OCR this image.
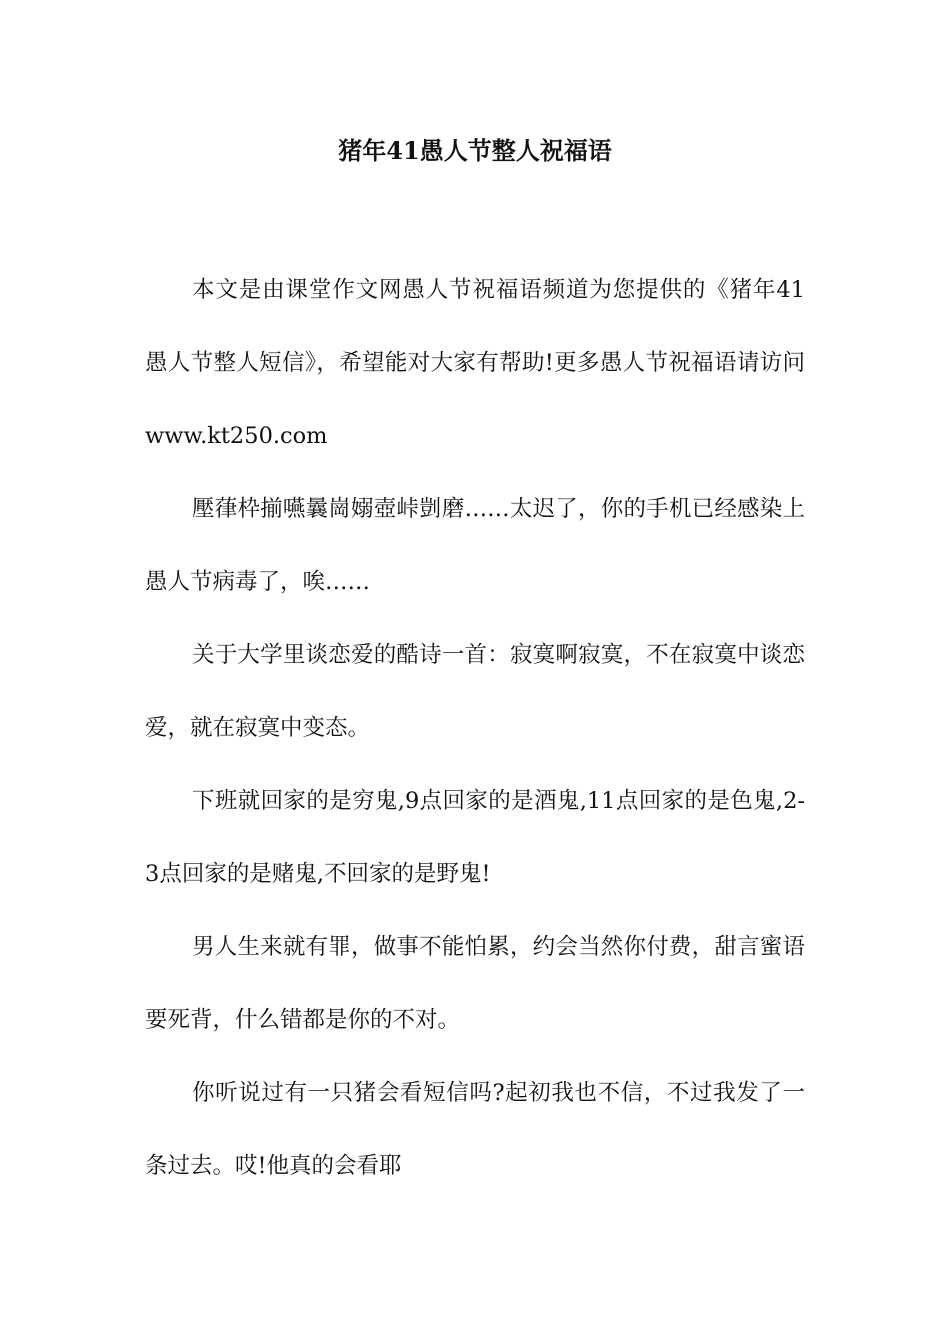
猪年41愚人节整人祝福语

本文是由课堂作文网愚人节祝福语频道为您提供的《猪年41愚人节整人短信》，希望能对大家有帮助!更多愚人节祝福语请访问www.kt250.com

壓葎枠揃嚥曩崗嫋壺峠剴磨……太迟了，你的手机已经感染上愚人节病毒了，唉……

关于大学里谈恋爱的酷诗一首：寂寞啊寂寞，不在寂寞中谈恋爱，就在寂寞中变态。

下班就回家的是穷鬼,9点回家的是酒鬼,11点回家的是色鬼,2-3点回家的是赌鬼,不回家的是野鬼!

男人生来就有罪，做事不能怕累，约会当然你付费，甜言蜜语要死背，什么错都是你的不对。

你听说过有一只猪会看短信吗?起初我也不信，不过我发了一条过去。哎!他真的会看耶
